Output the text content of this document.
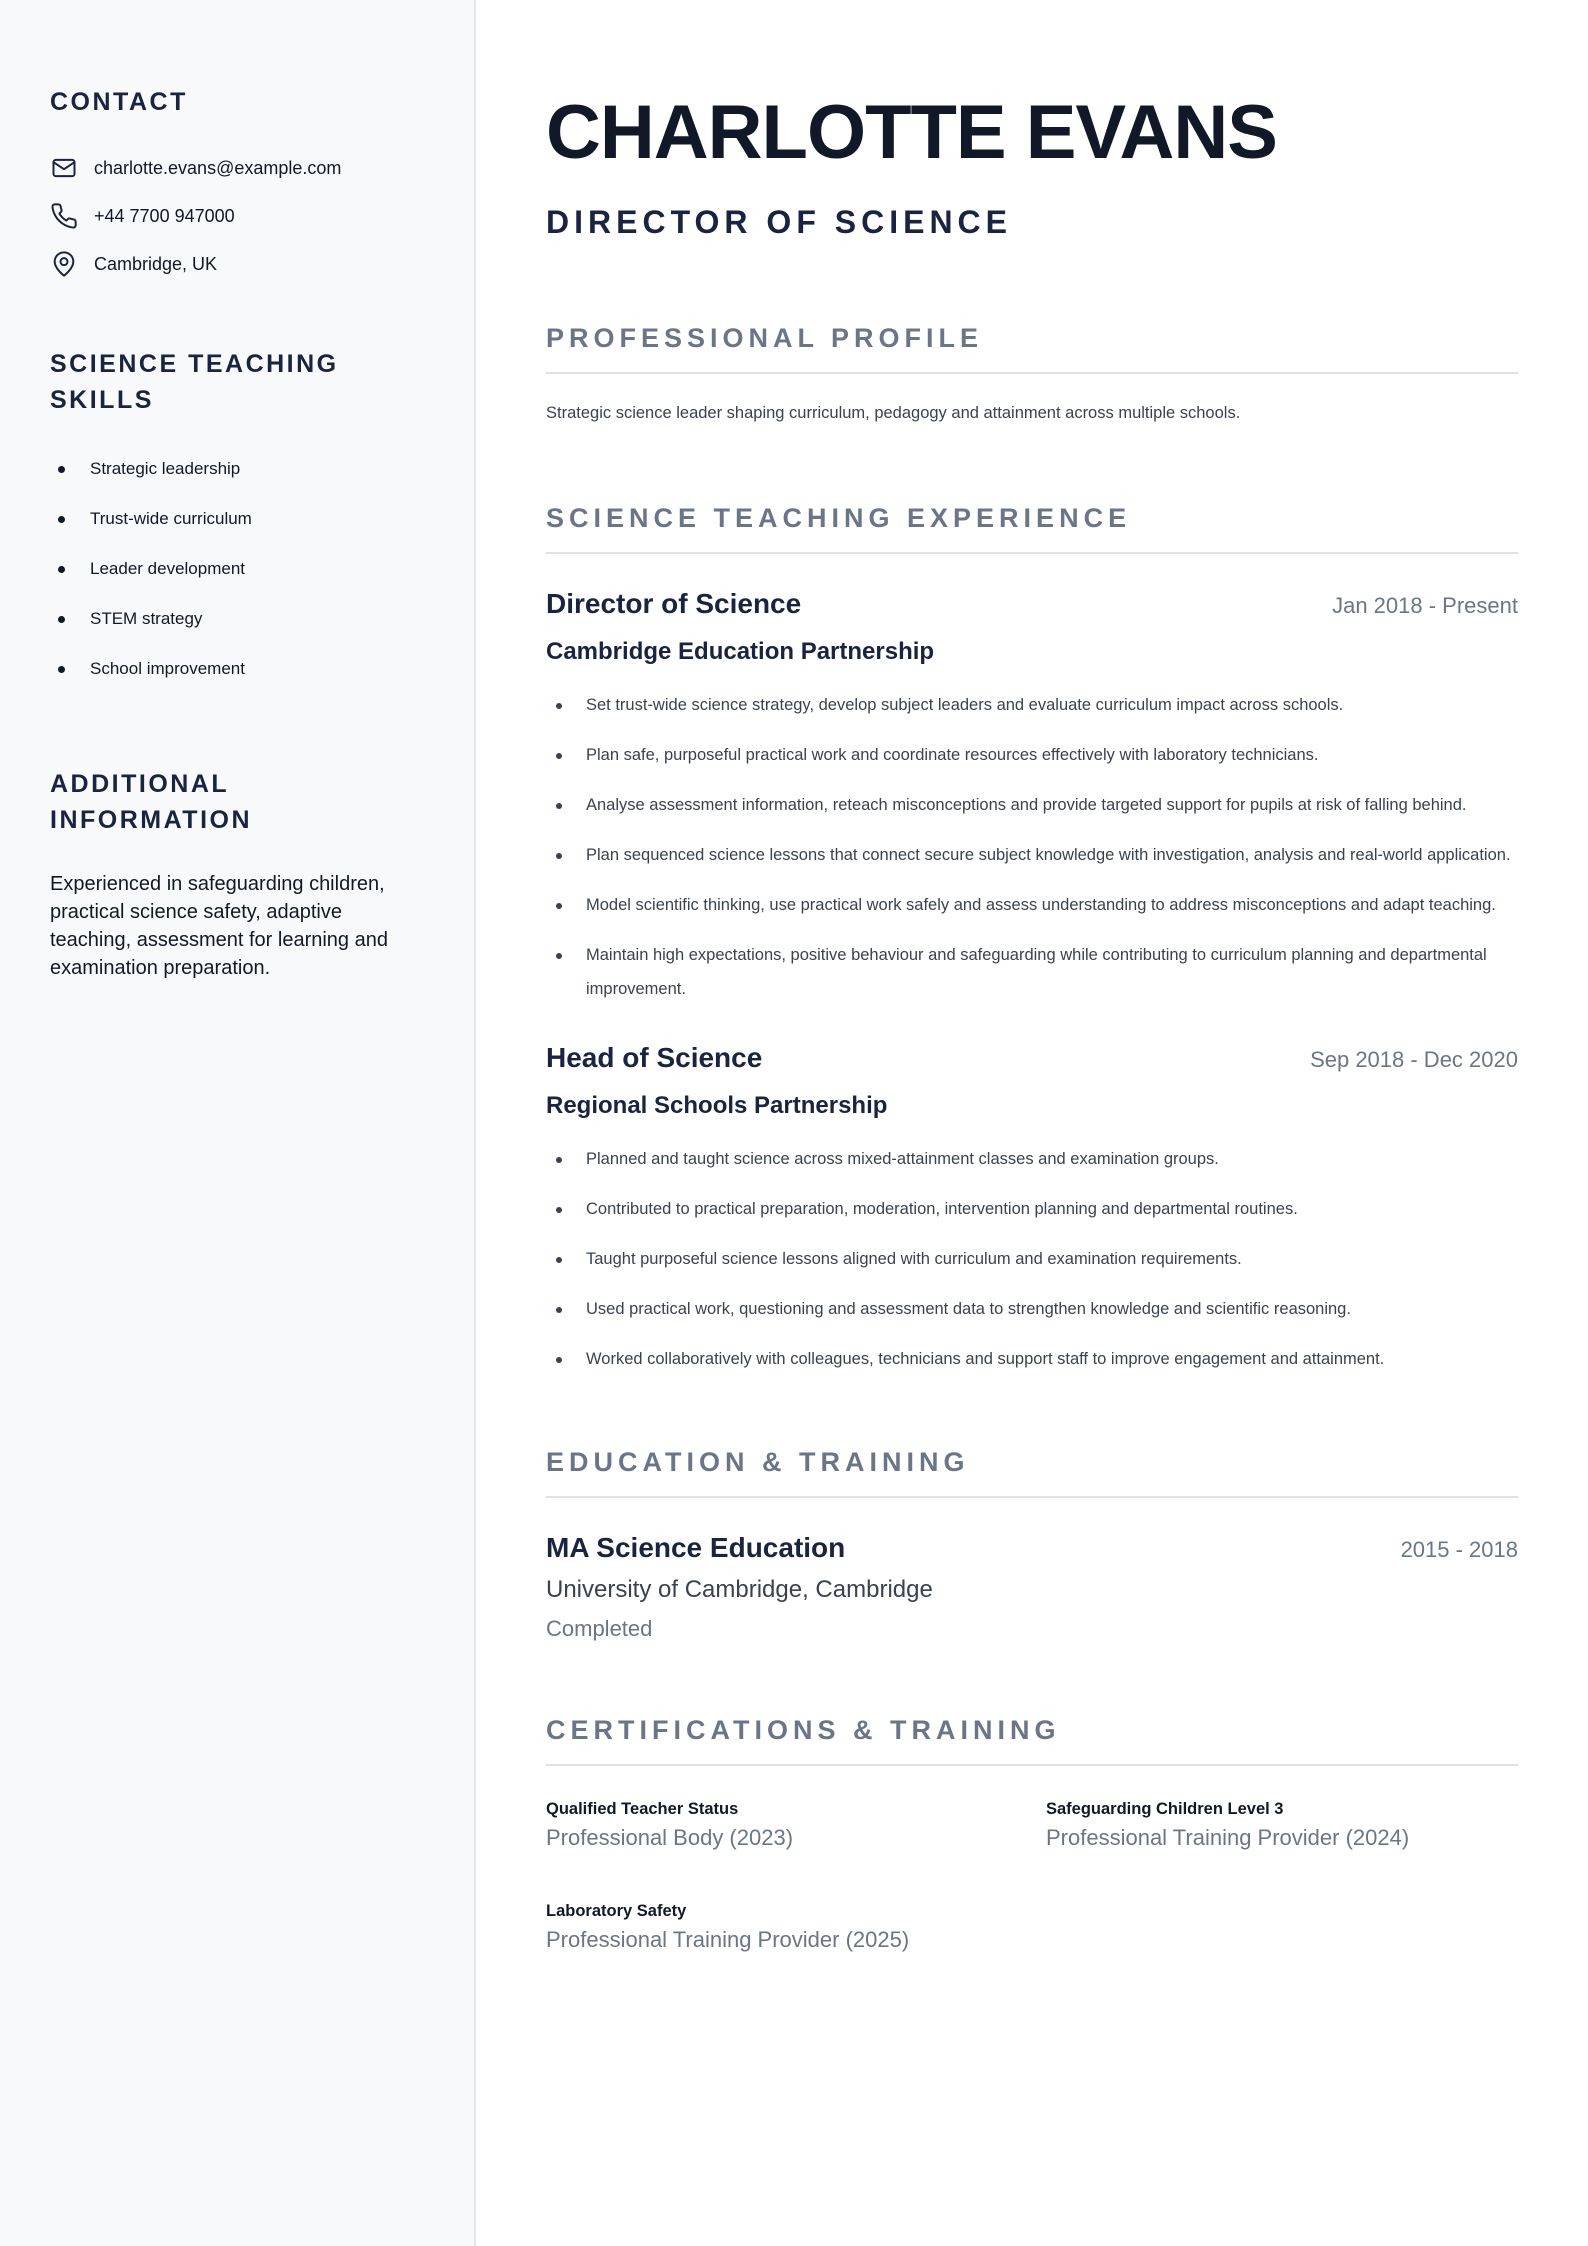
CONTACT
charlotte.evans@example.com
+44 7700 947000
Cambridge, UK
SCIENCE TEACHING SKILLS
Strategic leadership
Trust-wide curriculum
Leader development
STEM strategy
School improvement
ADDITIONAL INFORMATION

Experienced in safeguarding children, practical science safety, adaptive teaching, assessment for learning and examination preparation.

CHARLOTTE EVANS
DIRECTOR OF SCIENCE
PROFESSIONAL PROFILE

Strategic science leader shaping curriculum, pedagogy and attainment across multiple schools.

SCIENCE TEACHING EXPERIENCE
Director of Science	Jan 2018 - Present
Cambridge Education Partnership
Set trust-wide science strategy, develop subject leaders and evaluate curriculum impact across schools.
Plan safe, purposeful practical work and coordinate resources effectively with laboratory technicians.
Analyse assessment information, reteach misconceptions and provide targeted support for pupils at risk of falling behind.
Plan sequenced science lessons that connect secure subject knowledge with investigation, analysis and real-world application.
Model scientific thinking, use practical work safely and assess understanding to address misconceptions and adapt teaching.
Maintain high expectations, positive behaviour and safeguarding while contributing to curriculum planning and departmental improvement.
Head of Science	Sep 2018 - Dec 2020
Regional Schools Partnership
Planned and taught science across mixed-attainment classes and examination groups.
Contributed to practical preparation, moderation, intervention planning and departmental routines.
Taught purposeful science lessons aligned with curriculum and examination requirements.
Used practical work, questioning and assessment data to strengthen knowledge and scientific reasoning.
Worked collaboratively with colleagues, technicians and support staff to improve engagement and attainment.
EDUCATION & TRAINING
MA Science Education	2015 - 2018
University of Cambridge, Cambridge
Completed
CERTIFICATIONS & TRAINING
Qualified Teacher Status
Professional Body (2023)
Safeguarding Children Level 3
Professional Training Provider (2024)
Laboratory Safety
Professional Training Provider (2025)
